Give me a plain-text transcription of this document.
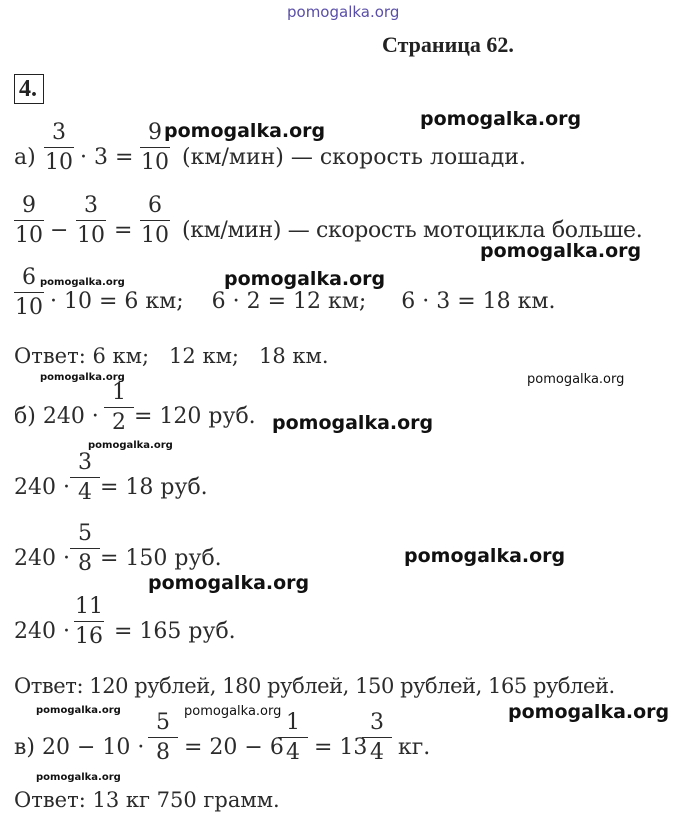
pomogalka.org
Страница 62.
4.
а)
3
10 · 3 =
9
10 (км/мин) — скорость лошади.
9
10 −
3
10 =
6
10 (км/мин) — скорость мотоцикла больше.
6
10 · 10 = 6 км;    6 · 2 = 12 км;     6 · 3 = 18 км.
Ответ: 6 км;   12 км;   18 км.
б) 240 ·
1
2 = 120 руб.
240 ·
3
4 = 18 руб.
240 ·
5
8 = 150 руб.
240 ·
11
16 = 165 руб.
Ответ: 120 рублей, 180 рублей, 150 рублей, 165 рублей.
в) 20 − 10 ·
5
8 = 20 − 6
1
4 = 13
3
4 кг.
Ответ: 13 кг 750 грамм.
pomogalka.org
pomogalka.org
pomogalka.org
pomogalka.org	pomogalka.org
pomogalka.org	pomogalka.org
pomogalka.org
pomogalka.org
pomogalka.org
pomogalka.org
pomogalka.org	pomogalka.org	pomogalka.org
pomogalka.org
